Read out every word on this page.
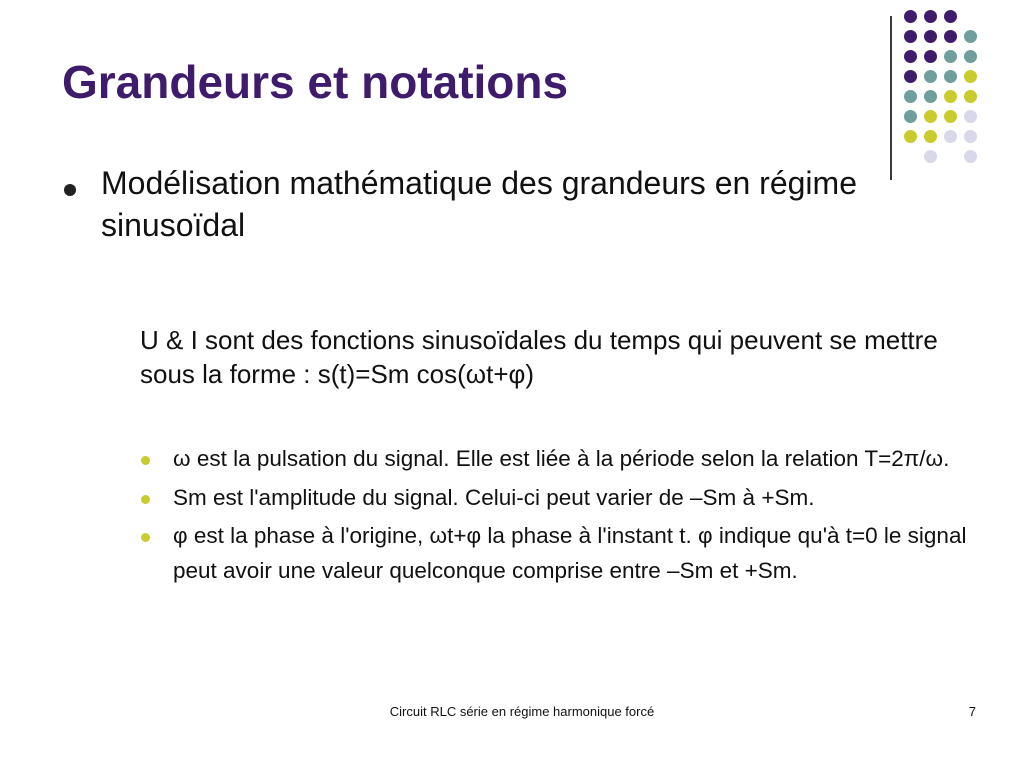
Grandeurs et notations

Modélisation mathématique des grandeurs en régime sinusoïdal

U & I sont des fonctions sinusoïdales du temps qui peuvent se mettre sous la forme : s(t)=Sm cos(ωt+φ)

ω est la pulsation du signal. Elle est liée à la période selon la relation T=2π/ω.
Sm est l'amplitude du signal. Celui-ci peut varier de –Sm à +Sm.
φ est la phase à l'origine, ωt+φ la phase à l'instant t. φ indique qu'à t=0 le signal peut avoir une valeur quelconque comprise entre –Sm et +Sm.
Circuit RLC série en régime harmonique forcé	7
